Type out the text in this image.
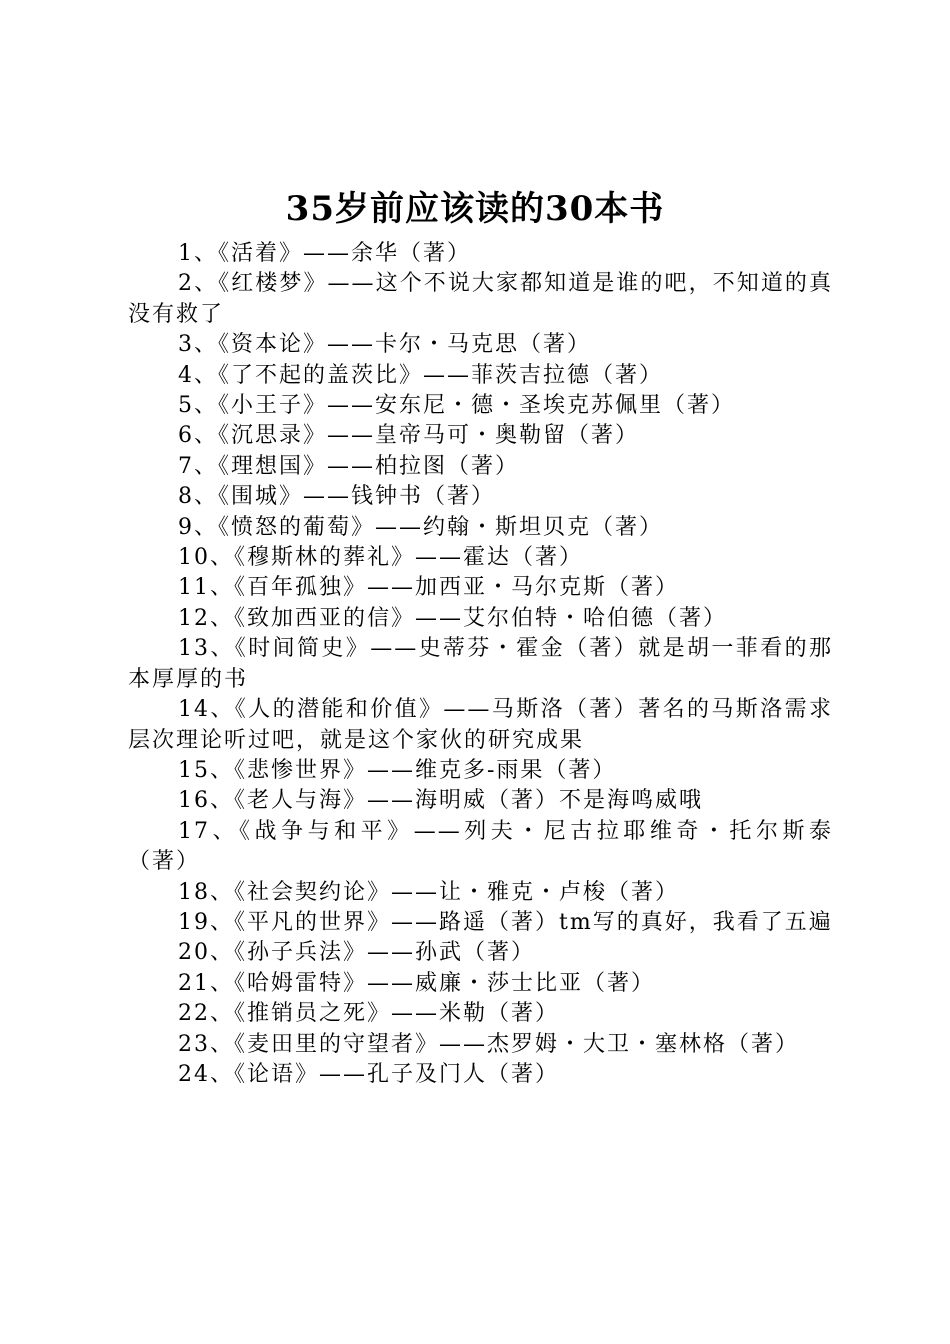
35岁前应该读的30本书
1、《活着》——余华（著）
2、《红楼梦》——这个不说大家都知道是谁的吧，不知道的真没有救了
3、《资本论》——卡尔・马克思（著）
4、《了不起的盖茨比》——菲茨吉拉德（著）
5、《小王子》——安东尼・德・圣埃克苏佩里（著）
6、《沉思录》——皇帝马可・奥勒留（著）
7、《理想国》——柏拉图（著）
8、《围城》——钱钟书（著）
9、《愤怒的葡萄》——约翰・斯坦贝克（著）
10、《穆斯林的葬礼》——霍达（著）
11、《百年孤独》——加西亚・马尔克斯（著）
12、《致加西亚的信》——艾尔伯特・哈伯德（著）
13、《时间简史》——史蒂芬・霍金（著）就是胡一菲看的那本厚厚的书
14、《人的潜能和价值》——马斯洛（著）著名的马斯洛需求层次理论听过吧，就是这个家伙的研究成果
15、《悲惨世界》——维克多-雨果（著）
16、《老人与海》——海明威（著）不是海鸣威哦
17、《战争与和平》——列夫・尼古拉耶维奇・托尔斯泰（著）
18、《社会契约论》——让・雅克・卢梭（著）
19、《平凡的世界》——路遥（著）tm写的真好，我看了五遍
20、《孙子兵法》——孙武（著）
21、《哈姆雷特》——威廉・莎士比亚（著）
22、《推销员之死》——米勒（著）
23、《麦田里的守望者》——杰罗姆・大卫・塞林格（著）
24、《论语》——孔子及门人（著）
